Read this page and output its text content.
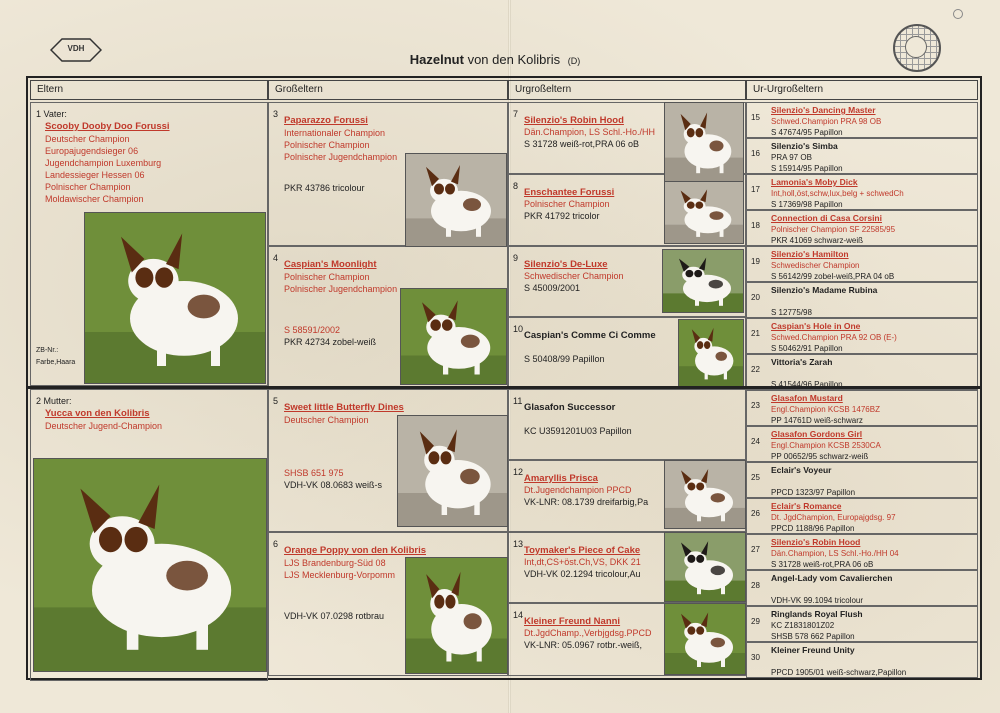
VDH
Hazelnut von den Kolibris (D)
Eltern	Großeltern	Urgroßeltern	Ur-Urgroßeltern
1 Vater:
Scooby Dooby Doo Forussi
Deutscher Champion
Europajugendsieger 06
Jugendchampion Luxemburg
Landessieger Hessen 06
Polnischer Champion
Moldawischer Champion
ZB-Nr.:
Farbe,Haara
2 Mutter:
Yucca von den Kolibris
Deutscher Jugend-Champion
3
Paparazzo Forussi
Internationaler Champion
Polnischer Champion
Polnischer Jugendchampion
PKR 43786 tricolour
4
Caspian's Moonlight
Polnischer Champion
Polnischer Jugendchampion
S 58591/2002
PKR 42734 zobel-weiß
5
Sweet little Butterfly Dines
Deutscher Champion
SHSB 651 975
VDH-VK 08.0683 weiß-s
6
Orange Poppy von den Kolibris
LJS Brandenburg-Süd 08
LJS Mecklenburg-Vorpomm
VDH-VK 07.0298 rotbrau
7
Silenzio's Robin Hood
Dän.Champion, LS Schl.-Ho./HH
S 31728 weiß-rot,PRA 06 oB
8
Enschantee Forussi
Polnischer Champion
PKR 41792 tricolor
9
Silenzio's De-Luxe
Schwedischer Champion
S 45009/2001
10
Caspian's Comme Ci Comme
S 50408/99 Papillon
11
Glasafon Successor
KC U3591201U03 Papillon
12
Amaryllis Prisca
Dt.Jugendchampion PPCD
VK-LNR: 08.1739 dreifarbig,Pa
13
Toymaker's Piece of Cake
Int,dt,CS+öst.Ch,VS, DKK 21
VDH-VK 02.1294 tricolour,Au
14
Kleiner Freund Nanni
Dt.JgdChamp.,Verbjgdsg.PPCD
VK-LNR: 05.0967 rotbr.-weiß,
15
Silenzio's Dancing Master
Schwed.Champion PRA 98 OB
S 47674/95 Papillon
16
Silenzio's Simba
PRA 97 OB
S 15914/95 Papillon
17
Lamonia's Moby Dick
Int,holl,öst,schw,lux,belg + schwedCh
S 17369/98 Papillon
18
Connection di Casa Corsini
Polnischer Champion SF 22585/95
PKR 41069 schwarz-weiß
19
Silenzio's Hamilton
Schwedischer Champion
S 56142/99 zobel-weiß,PRA 04 oB
20
Silenzio's Madame Rubina
S 12775/98
21
Caspian's Hole in One
Schwed.Champion PRA 92 OB (E-)
S 50462/91 Papillon
22
Vittoria's Zarah
S 41544/96 Papillon
23
Glasafon Mustard
Engl.Champion KCSB 1476BZ
PP 14761D weiß-schwarz
24
Glasafon Gordons Girl
Engl.Champion KCSB 2530CA
PP 00652/95 schwarz-weiß
25
Eclair's Voyeur
PPCD 1323/97 Papillon
26
Eclair's Romance
Dt. JgdChampion, Europajgdsg. 97
PPCD 1188/96 Papillon
27
Silenzio's Robin Hood
Dän.Champion, LS Schl.-Ho./HH 04
S 31728 weiß-rot,PRA 06 oB
28
Angel-Lady vom Cavalierchen
VDH-VK 99.1094 tricolour
29
Ringlands Royal Flush
KC Z1831801Z02
SHSB 578 662 Papillon
30
Kleiner Freund Unity
PPCD 1905/01 weiß-schwarz,Papillon
